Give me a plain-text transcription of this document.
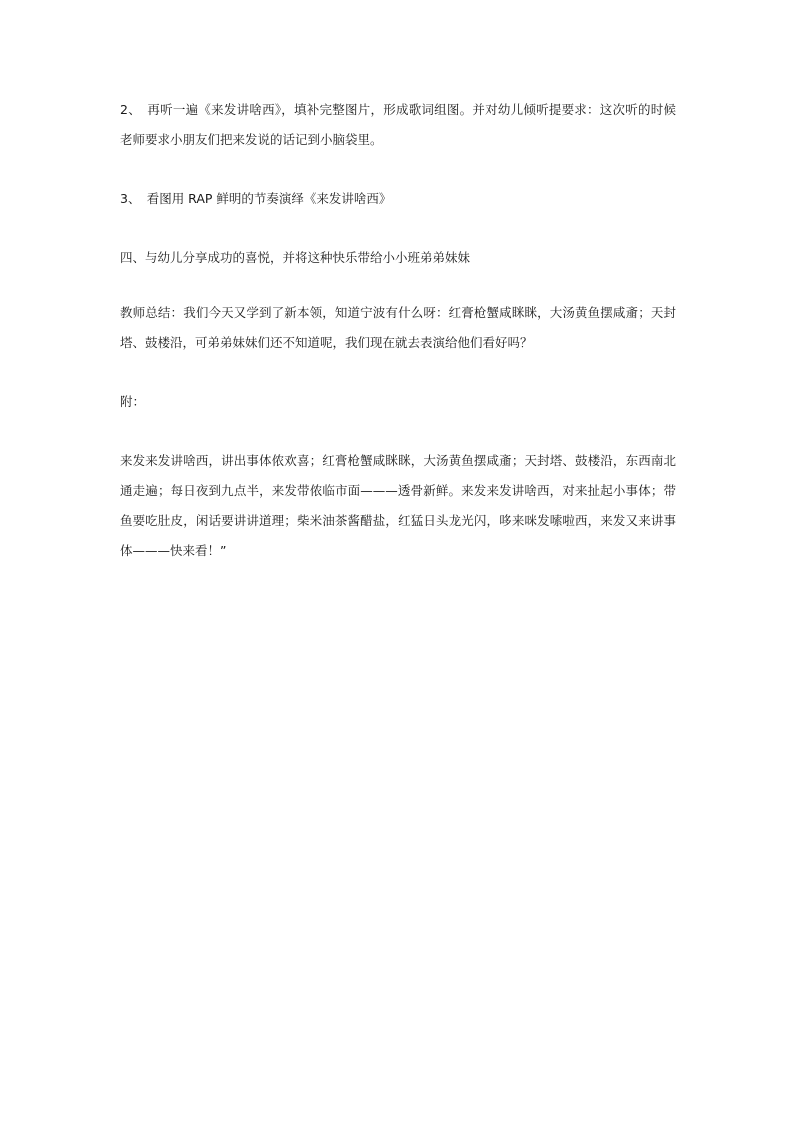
2、　再听一遍《来发讲啥西》，填补完整图片，形成歌词组图。并对幼儿倾听提要求：这次听的时候老师要求小朋友们把来发说的话记到小脑袋里。

3、　看图用 RAP 鲜明的节奏演绎《来发讲啥西》

四、与幼儿分享成功的喜悦，并将这种快乐带给小小班弟弟妹妹

教师总结：我们今天又学到了新本领，知道宁波有什么呀：红膏枪蟹咸眯眯，大汤黄鱼摆咸齑；天封塔、鼓楼沿，可弟弟妹妹们还不知道呢，我们现在就去表演给他们看好吗？

附：

来发来发讲啥西，讲出事体侬欢喜；红膏枪蟹咸眯眯，大汤黄鱼摆咸齑；天封塔、鼓楼沿，东西南北通走遍；每日夜到九点半，来发带侬临市面———透骨新鲜。来发来发讲啥西，对来扯起小事体；带鱼要吃肚皮，闲话要讲讲道理；柴米油茶酱醋盐，红猛日头龙光闪，哆来咪发嗦啦西，来发又来讲事体———快来看！”
